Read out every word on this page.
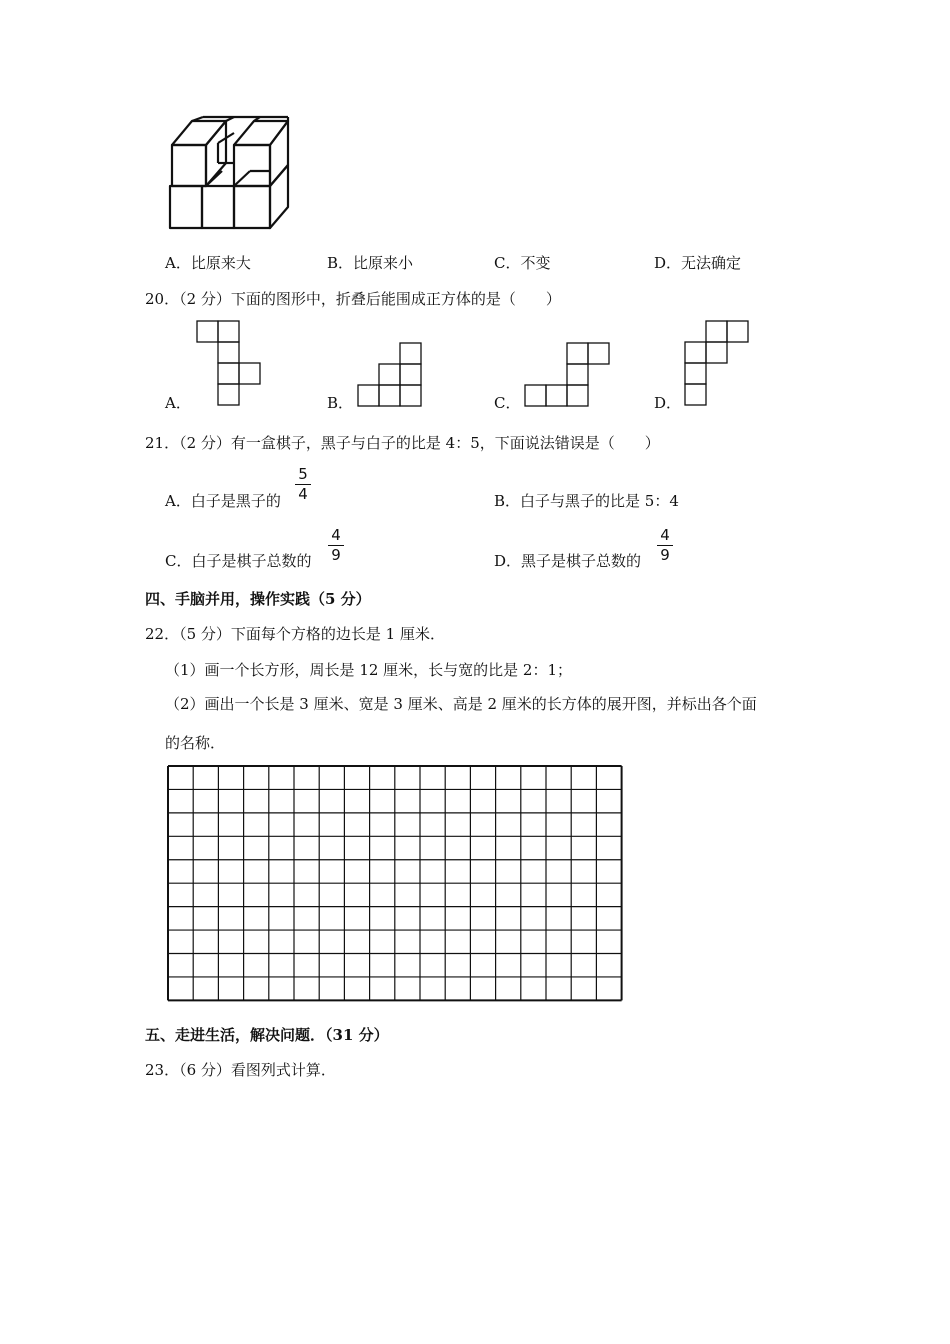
A．比原来大	B．比原来小	C．不变	D．无法确定
20．（2 分）下面的图形中，折叠后能围成正方体的是（　　）
A．	B．	C．	D．
21．（2 分）有一盒棋子，黑子与白子的比是 4：5，下面说法错误是（　　）
A．白子是黑子的
5
4	B．白子与黑子的比是 5：4
C．白子是棋子总数的
4
9	D．黑子是棋子总数的
4
9
四、手脑并用，操作实践（5 分）
22．（5 分）下面每个方格的边长是 1 厘米．
（1）画一个长方形，周长是 12 厘米，长与宽的比是 2：1；
（2）画出一个长是 3 厘米、宽是 3 厘米、高是 2 厘米的长方体的展开图，并标出各个面
的名称．
五、走进生活，解决问题．（31 分）
23．（6 分）看图列式计算．
